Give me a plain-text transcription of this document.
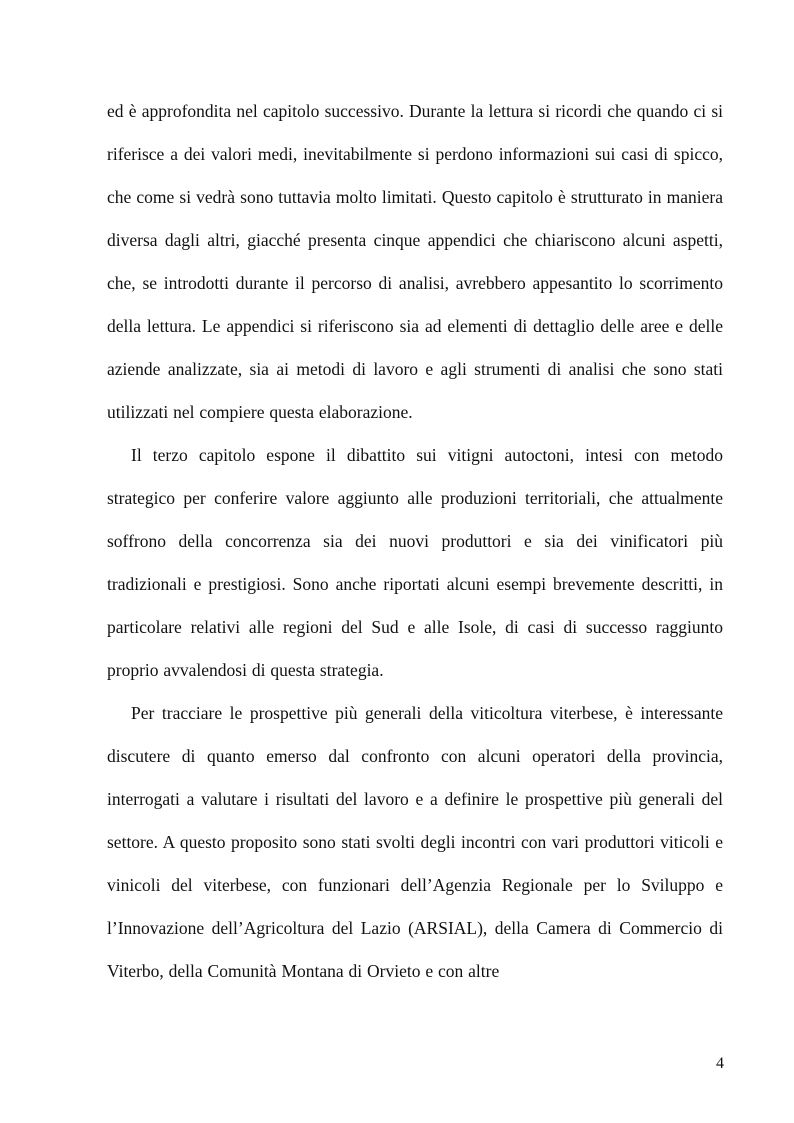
ed è approfondita nel capitolo successivo. Durante la lettura si ricordi che quando ci si riferisce a dei valori medi, inevitabilmente si perdono informazioni sui casi di spicco, che come si vedrà sono tuttavia molto limitati. Questo capitolo è strutturato in maniera diversa dagli altri, giacché presenta cinque appendici che chiariscono alcuni aspetti, che, se introdotti durante il percorso di analisi, avrebbero appesantito lo scorrimento della lettura. Le appendici si riferiscono sia ad elementi di dettaglio delle aree e delle aziende analizzate, sia ai metodi di lavoro e agli strumenti di analisi che sono stati utilizzati nel compiere questa elaborazione.

Il terzo capitolo espone il dibattito sui vitigni autoctoni, intesi con metodo strategico per conferire valore aggiunto alle produzioni territoriali, che attualmente soffrono della concorrenza sia dei nuovi produttori e sia dei vinificatori più tradizionali e prestigiosi. Sono anche riportati alcuni esempi brevemente descritti, in particolare relativi alle regioni del Sud e alle Isole, di casi di successo raggiunto proprio avvalendosi di questa strategia.

Per tracciare le prospettive più generali della viticoltura viterbese, è interessante discutere di quanto emerso dal confronto con alcuni operatori della provincia, interrogati a valutare i risultati del lavoro e a definire le prospettive più generali del settore. A questo proposito sono stati svolti degli incontri con vari produttori viticoli e vinicoli del viterbese, con funzionari dell’Agenzia Regionale per lo Sviluppo e l’Innovazione dell’Agricoltura del Lazio (ARSIAL), della Camera di Commercio di Viterbo, della Comunità Montana di Orvieto e con altre

4
